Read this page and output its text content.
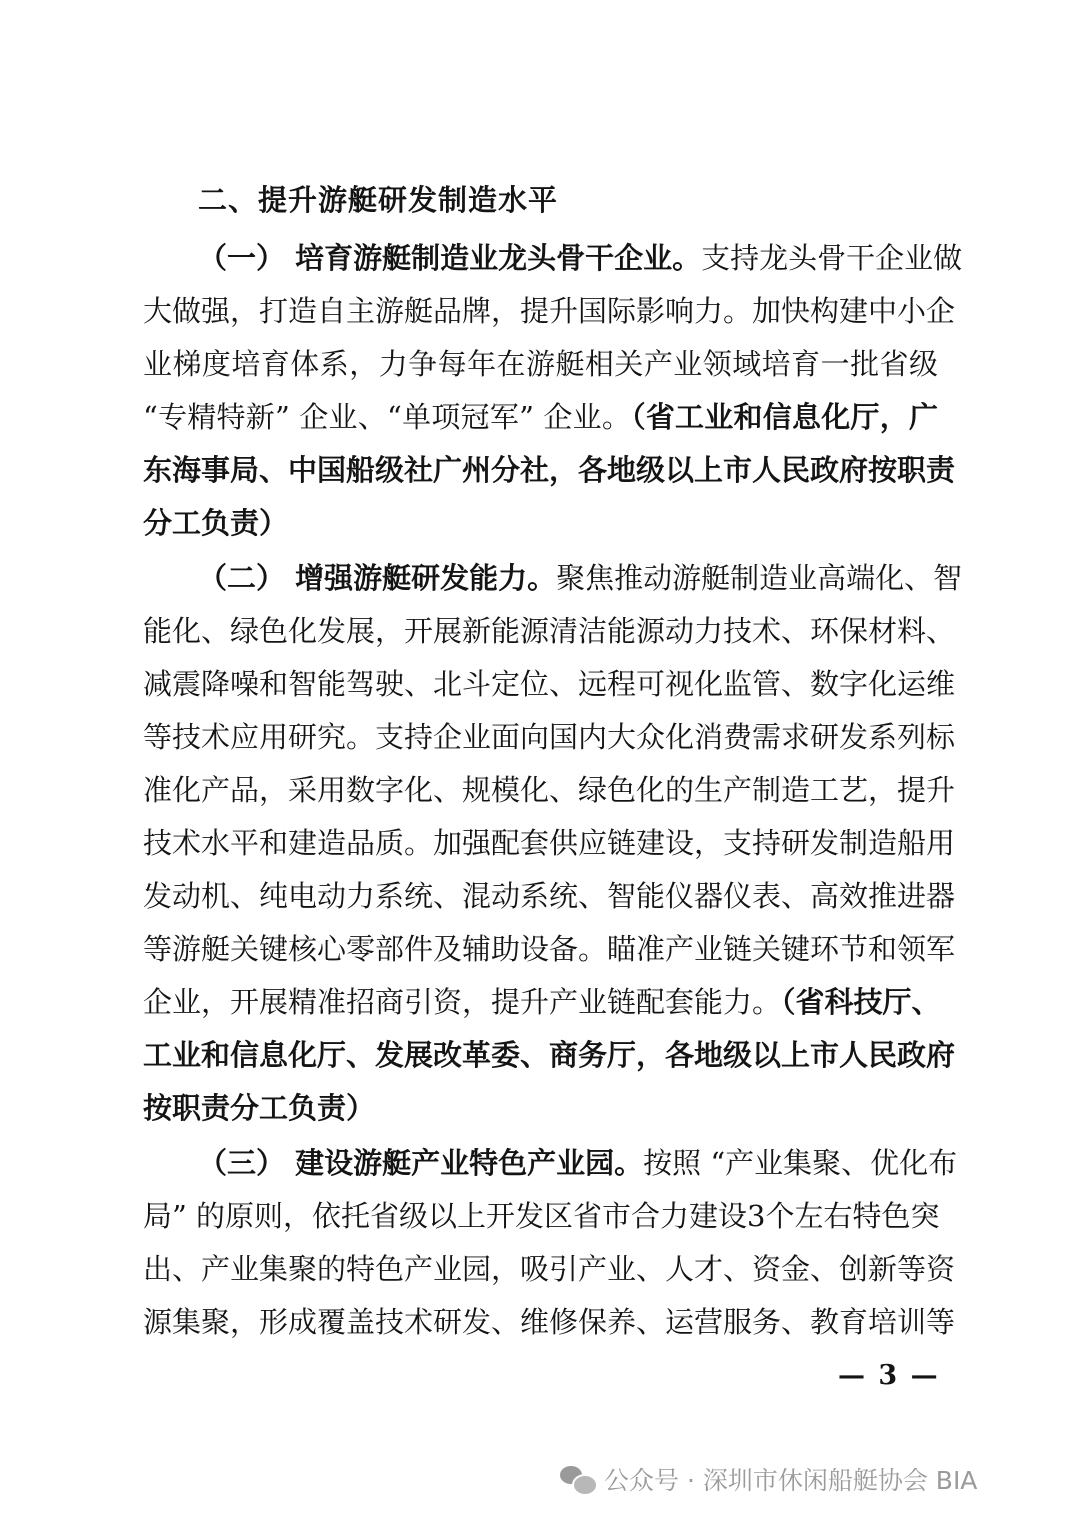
二、提升游艇研发制造水平
（一） 培育游艇制造业龙头骨干企业。支持龙头骨干企业做
大做强，打造自主游艇品牌，提升国际影响力。加快构建中小企
业梯度培育体系，力争每年在游艇相关产业领域培育一批省级
“专精特新” 企业、“单项冠军” 企业。（省工业和信息化厅，广
东海事局、中国船级社广州分社，各地级以上市人民政府按职责
分工负责）
（二） 增强游艇研发能力。聚焦推动游艇制造业高端化、智
能化、绿色化发展，开展新能源清洁能源动力技术、环保材料、
减震降噪和智能驾驶、北斗定位、远程可视化监管、数字化运维
等技术应用研究。支持企业面向国内大众化消费需求研发系列标
准化产品，采用数字化、规模化、绿色化的生产制造工艺，提升
技术水平和建造品质。加强配套供应链建设，支持研发制造船用
发动机、纯电动力系统、混动系统、智能仪器仪表、高效推进器
等游艇关键核心零部件及辅助设备。瞄准产业链关键环节和领军
企业，开展精准招商引资，提升产业链配套能力。（省科技厅、
工业和信息化厅、发展改革委、商务厅，各地级以上市人民政府
按职责分工负责）
（三） 建设游艇产业特色产业园。按照 “产业集聚、优化布
局” 的原则，依托省级以上开发区省市合力建设3个左右特色突
出、产业集聚的特色产业园，吸引产业、人才、资金、创新等资
源集聚，形成覆盖技术研发、维修保养、运营服务、教育培训等
— 3 —
公众号 · 深圳市休闲船艇协会 BIA
